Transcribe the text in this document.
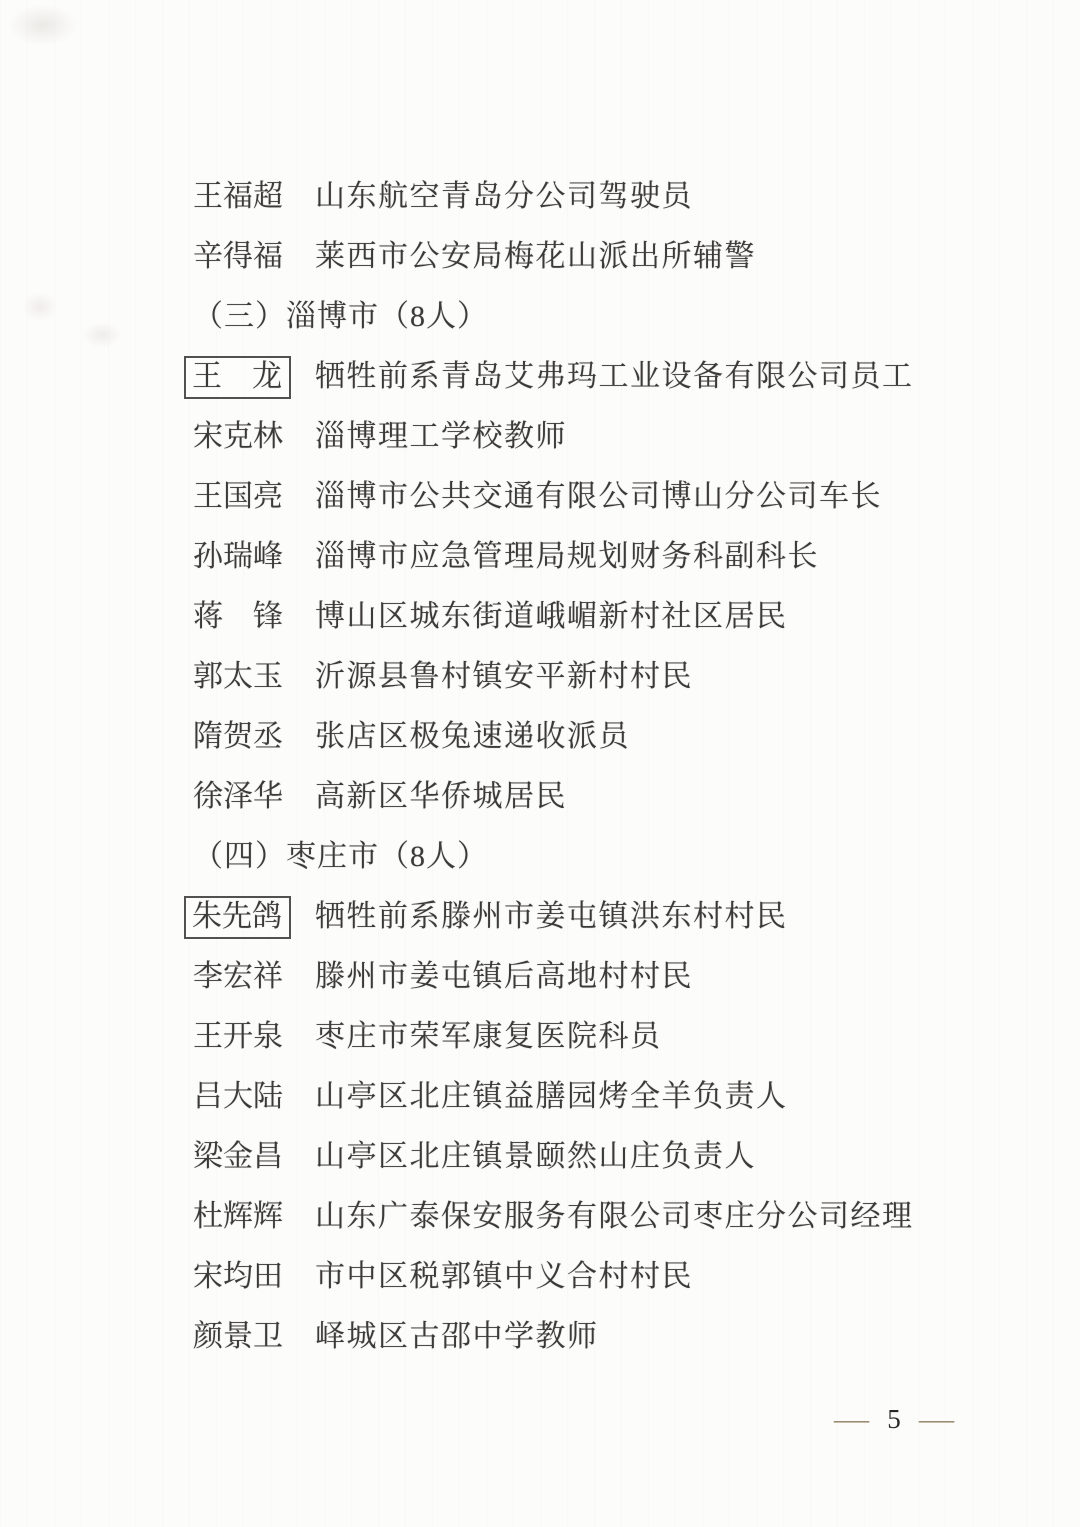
王福超 山东航空青岛分公司驾驶员
辛得福 莱西市公安局梅花山派出所辅警
（三）淄博市（8人）
王　龙	牺牲前系青岛艾弗玛工业设备有限公司员工
宋克林 淄博理工学校教师
王国亮 淄博市公共交通有限公司博山分公司车长
孙瑞峰 淄博市应急管理局规划财务科副科长
蒋　锋 博山区城东街道峨嵋新村社区居民
郭太玉 沂源县鲁村镇安平新村村民
隋贺丞 张店区极兔速递收派员
徐泽华 高新区华侨城居民
（四）枣庄市（8人）
朱先鸽	牺牲前系滕州市姜屯镇洪东村村民
李宏祥 滕州市姜屯镇后高地村村民
王开泉 枣庄市荣军康复医院科员
吕大陆 山亭区北庄镇益膳园烤全羊负责人
梁金昌 山亭区北庄镇景颐然山庄负责人
杜辉辉 山东广泰保安服务有限公司枣庄分公司经理
宋均田 市中区税郭镇中义合村村民
颜景卫 峄城区古邵中学教师
— 5 —
